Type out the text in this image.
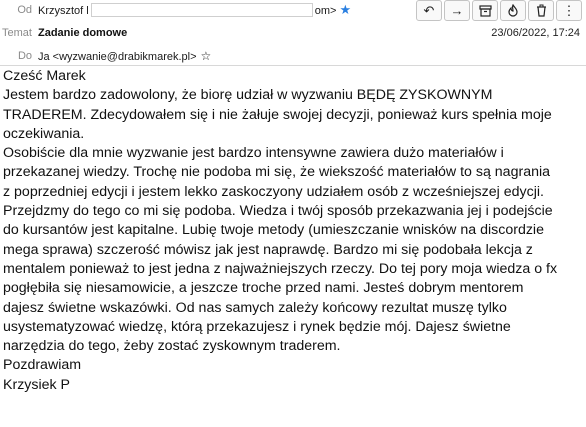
Od Krzysztof l	om> ★	↶ →	⋮
Temat Zadanie domowe	23/06/2022, 17:24
Do Ja <wyzwanie@drabikmarek.pl> ☆

Cześć Marek

Jestem bardzo zadowolony, że biorę udział w wyzwaniu BĘDĘ ZYSKOWNYM
TRADEREM. Zdecydowałem się i nie żałuje swojej decyzji, ponieważ kurs spełnia moje
oczekiwania.

Osobiście dla mnie wyzwanie jest bardzo intensywne zawiera dużo materiałów i
przekazanej wiedzy. Trochę nie podoba mi się, że wiekszość materiałów to są nagrania
z poprzedniej edycji i jestem lekko zaskoczyony udziałem osób z wcześniejszej edycji.
Przejdzmy do tego co mi się podoba. Wiedza i twój sposób przekazwania jej i podejście
do kursantów jest kapitalne. Lubię twoje metody (umieszczanie wnisków na discordzie
mega sprawa) szczerość mówisz jak jest naprawdę. Bardzo mi się podobała lekcja z
mentalem ponieważ to jest jedna z najważniejszych rzeczy. Do tej pory moja wiedza o fx
pogłębiła się niesamowicie, a jeszcze troche przed nami. Jesteś dobrym mentorem
dajesz świetne wskazówki. Od nas samych zależy końcowy rezultat muszę tylko
usystematyzować wiedzę, którą przekazujesz i rynek będzie mój. Dajesz świetne
narzędzia do tego, żeby zostać zyskownym traderem.

Pozdrawiam

Krzysiek P
